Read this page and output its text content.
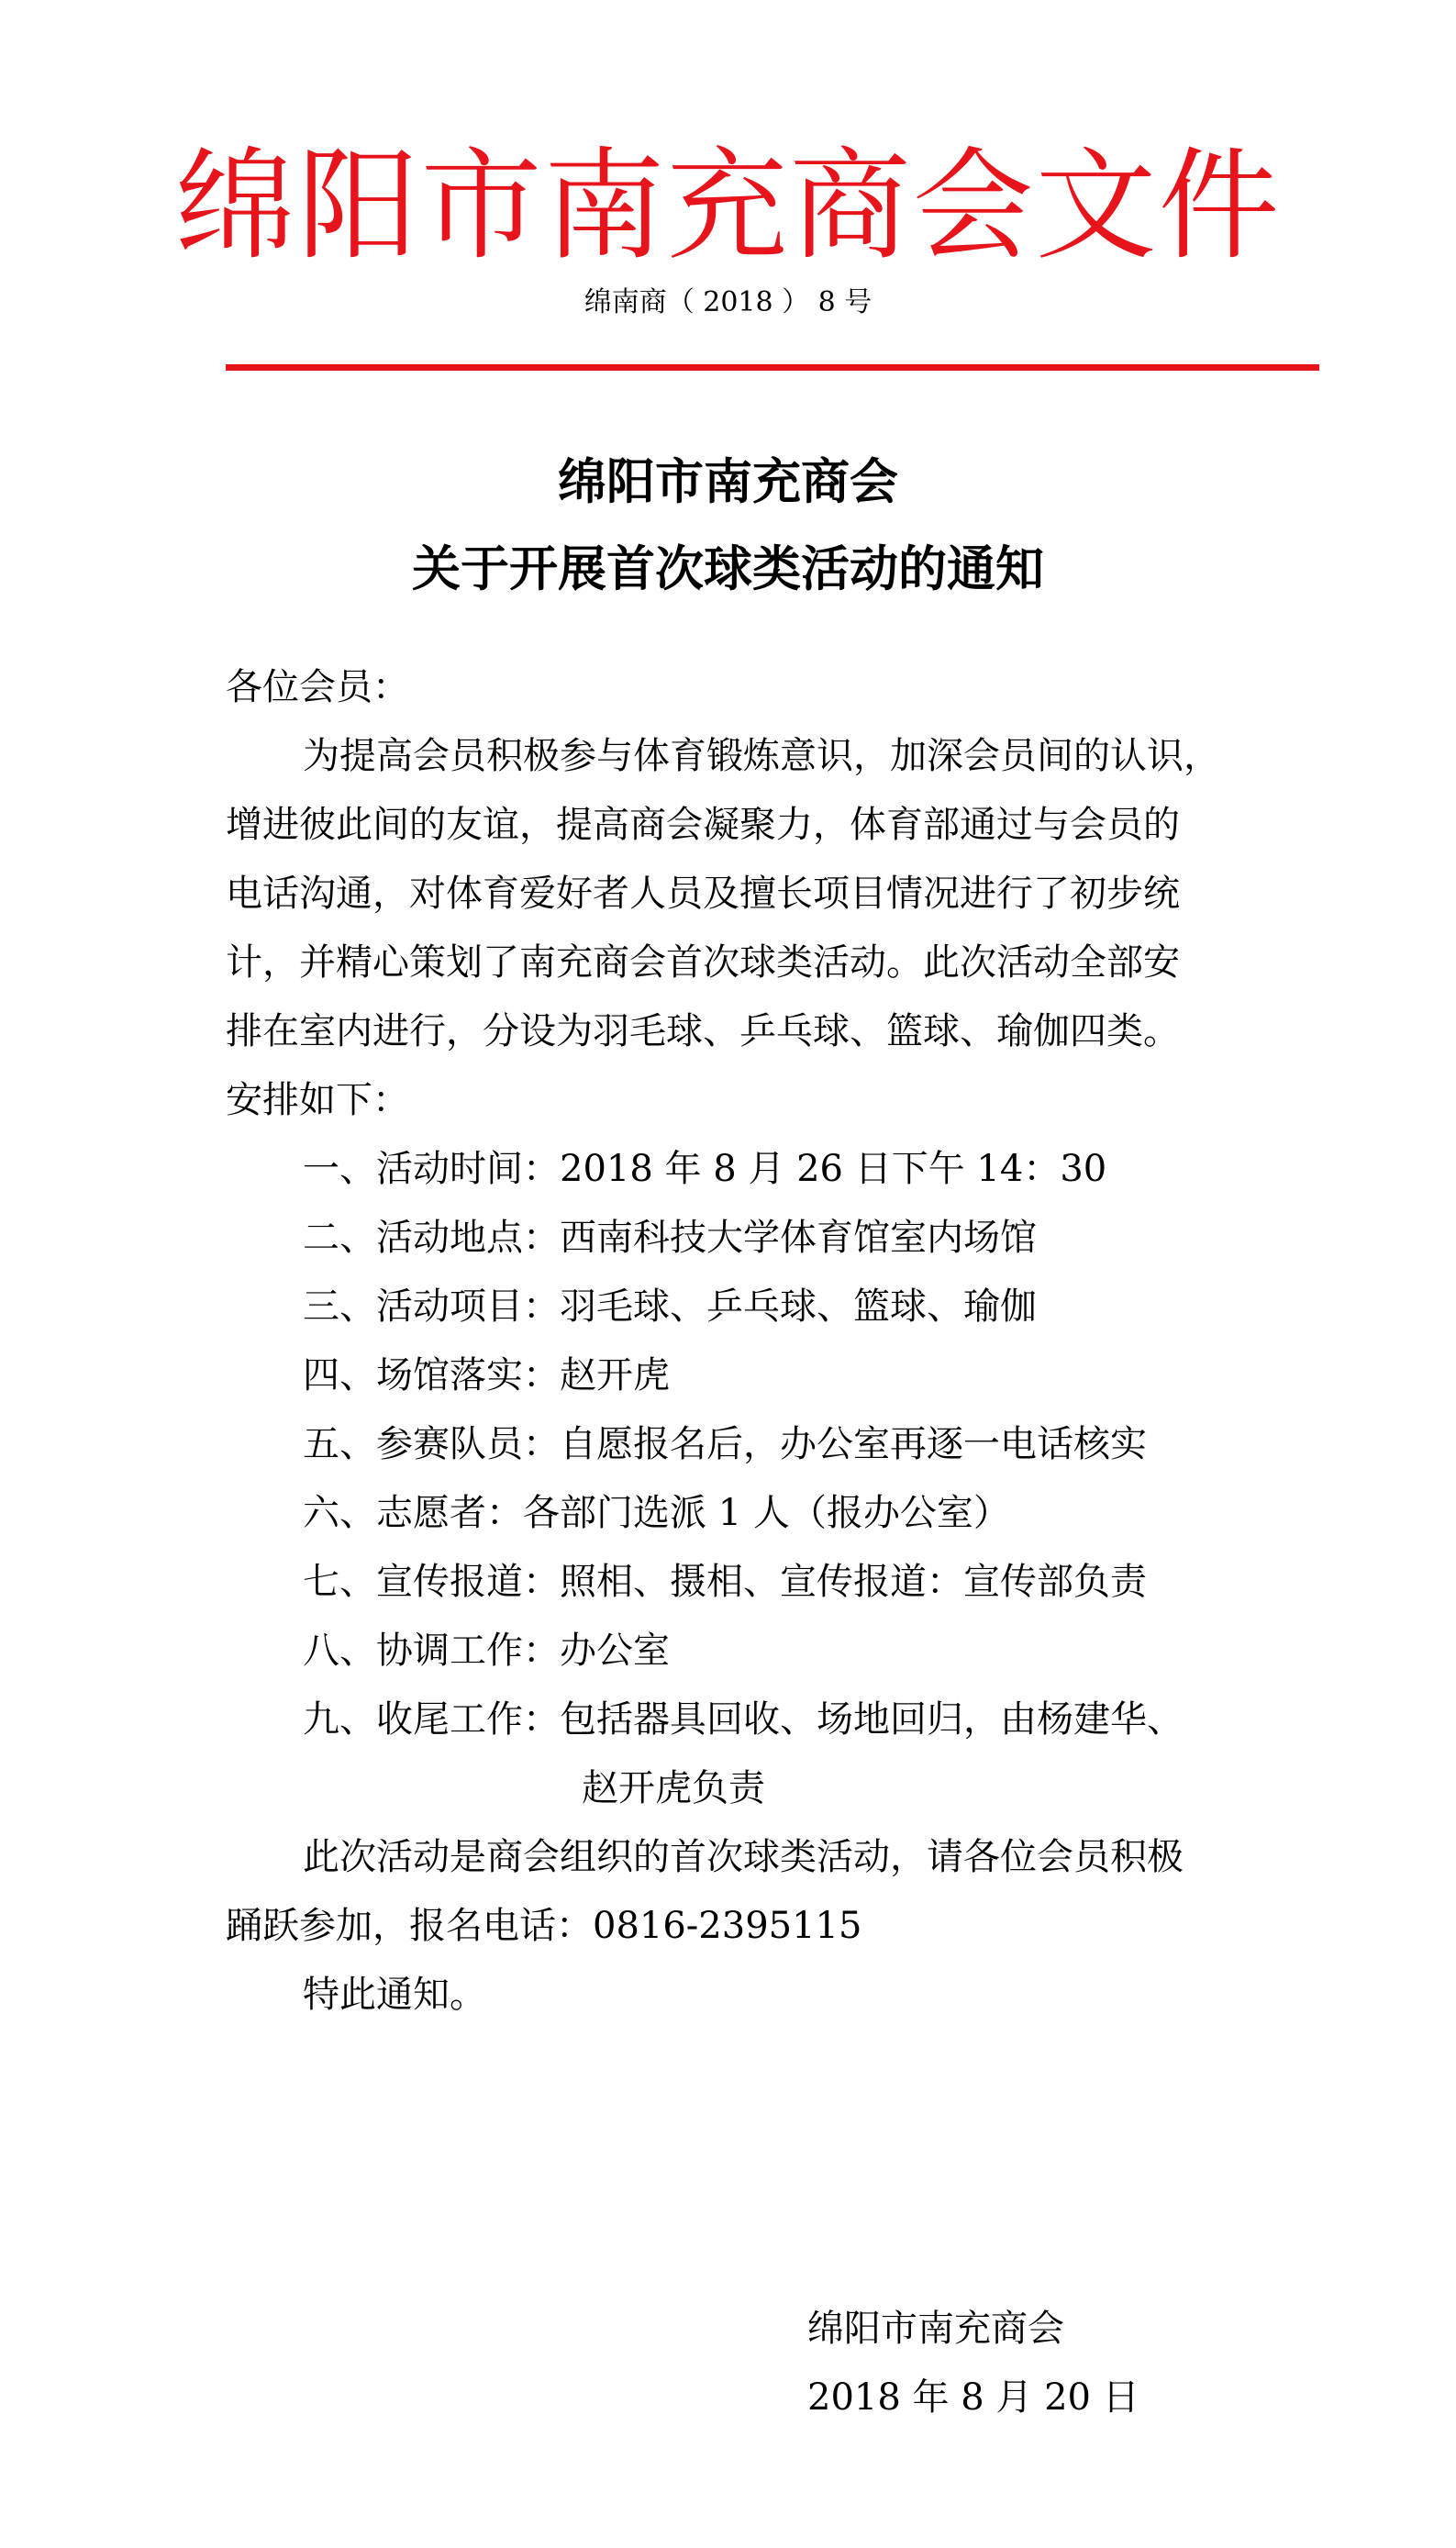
绵阳市南充商会文件
绵南商（ 2018 ） 8 号
绵阳市南充商会
关于开展首次球类活动的通知
各位会员：
为提高会员积极参与体育锻炼意识，加深会员间的认识，
增进彼此间的友谊，提高商会凝聚力，体育部通过与会员的
电话沟通，对体育爱好者人员及擅长项目情况进行了初步统
计，并精心策划了南充商会首次球类活动。此次活动全部安
排在室内进行，分设为羽毛球、乒乓球、篮球、瑜伽四类。
安排如下：
一、活动时间：2018 年 8 月 26 日下午 14：30
二、活动地点：西南科技大学体育馆室内场馆
三、活动项目：羽毛球、乒乓球、篮球、瑜伽
四、场馆落实：赵开虎
五、参赛队员：自愿报名后，办公室再逐一电话核实
六、志愿者：各部门选派 1 人（报办公室）
七、宣传报道：照相、摄相、宣传报道：宣传部负责
八、协调工作：办公室
九、收尾工作：包括器具回收、场地回归，由杨建华、
赵开虎负责
此次活动是商会组织的首次球类活动，请各位会员积极
踊跃参加，报名电话：0816-2395115
特此通知。
绵阳市南充商会
2018 年 8 月 20 日
